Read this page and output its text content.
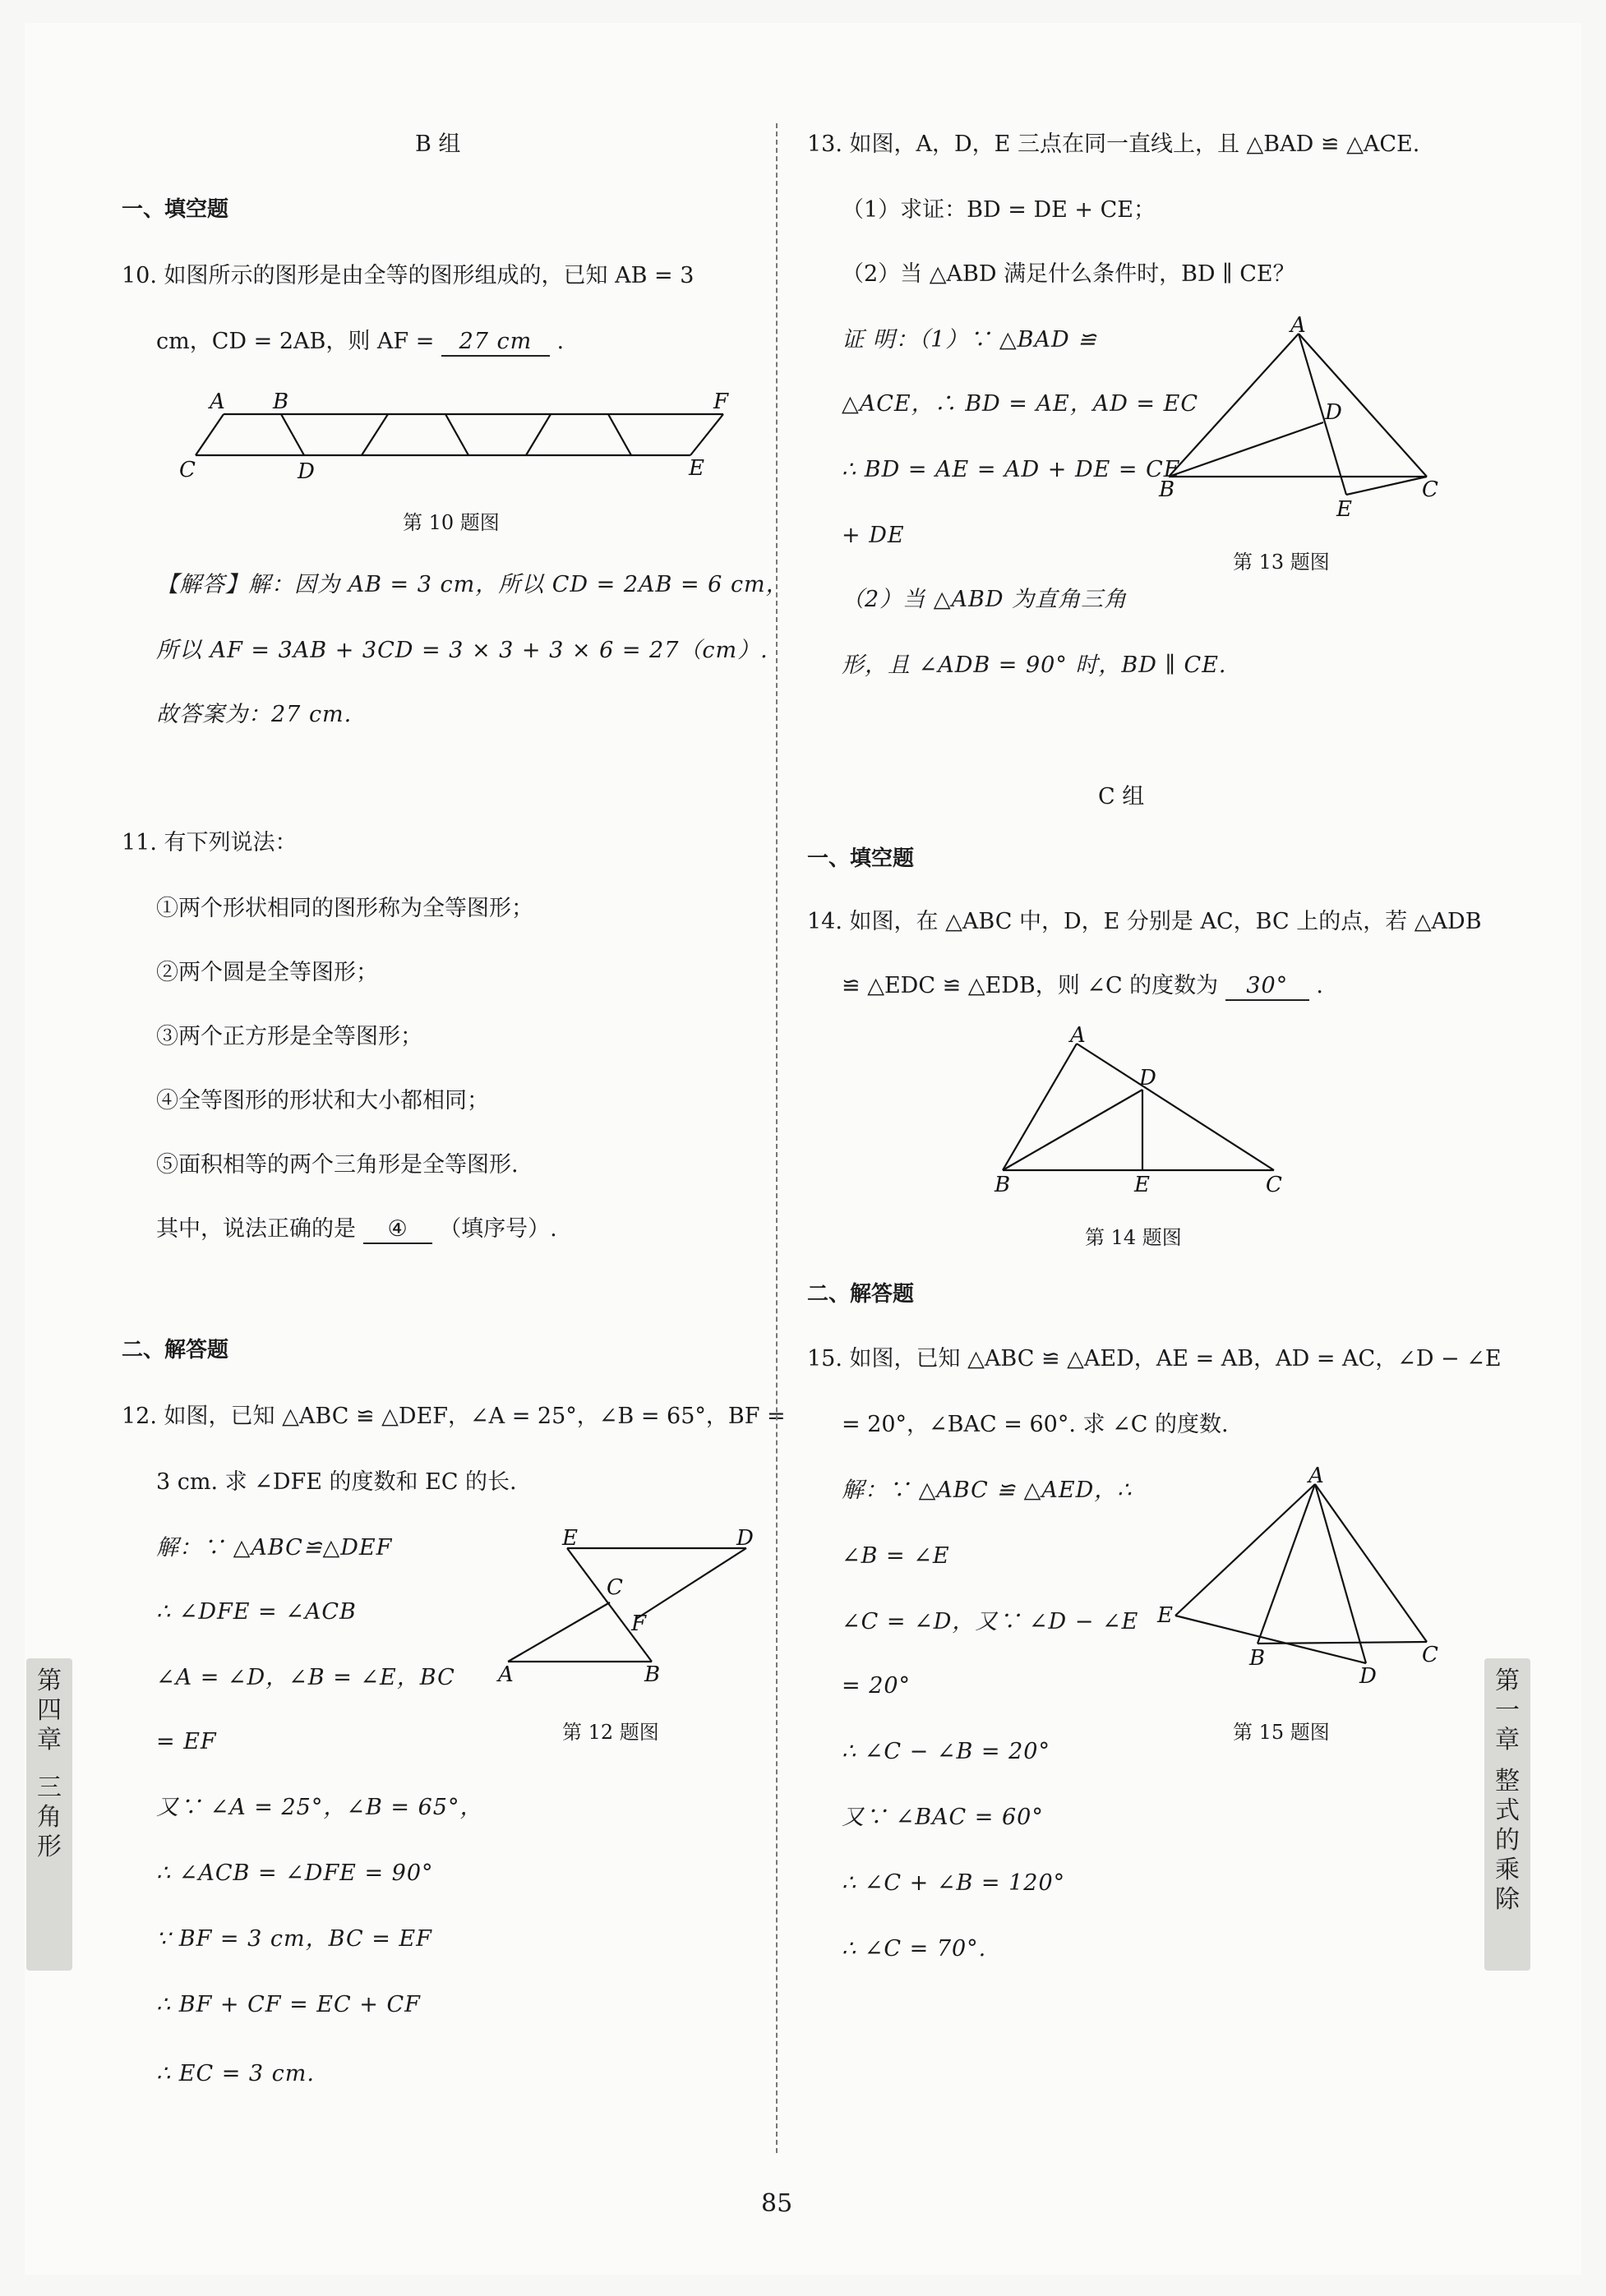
B 组
一、填空题
10. 如图所示的图形是由全等的图形组成的，已知 AB = 3
cm，CD = 2AB，则 AF = 27 cm .
A B	F
C	D	E
第 10 题图
【解答】解：因为 AB = 3 cm，所以 CD = 2AB = 6 cm，
所以 AF = 3AB + 3CD = 3 × 3 + 3 × 6 = 27（cm）.
故答案为：27 cm.
11. 有下列说法：
①两个形状相同的图形称为全等图形；
②两个圆是全等图形；
③两个正方形是全等图形；
④全等图形的形状和大小都相同；
⑤面积相等的两个三角形是全等图形.
其中，说法正确的是 ④ （填序号）.
二、解答题
12. 如图，已知 △ABC ≌ △DEF，∠A = 25°，∠B = 65°，BF =
3 cm. 求 ∠DFE 的度数和 EC 的长.
解：∵ △ABC≌△DEF
∴ ∠DFE = ∠ACB
∠A = ∠D，∠B = ∠E，BC
= EF
又∵ ∠A = 25°，∠B = 65°，
∴ ∠ACB = ∠DFE = 90°
∵ BF = 3 cm，BC = EF
∴ BF + CF = EC + CF
∴ EC = 3 cm.
E	D
C
F
A	B
第 12 题图
13. 如图，A，D，E 三点在同一直线上，且 △BAD ≌ △ACE.
（1）求证：BD = DE + CE；
（2）当 △ABD 满足什么条件时，BD ∥ CE？
证 明：（1）∵ △BAD ≌
△ACE，∴ BD = AE，AD = EC
∴ BD = AE = AD + DE = CE
+ DE
（2）当 △ABD 为直角三角
形，且 ∠ADB = 90° 时，BD ∥ CE.
A
D
B
E
C
第 13 题图
C 组
一、填空题
14. 如图，在 △ABC 中，D，E 分别是 AC，BC 上的点，若 △ADB
≌ △EDC ≌ △EDB，则 ∠C 的度数为 30° .
A
D
B	E	C
第 14 题图
二、解答题
15. 如图，已知 △ABC ≌ △AED，AE = AB，AD = AC，∠D − ∠E
= 20°，∠BAC = 60°. 求 ∠C 的度数.
解：∵ △ABC ≌ △AED，∴
∠B = ∠E
∠C = ∠D，又∵ ∠D − ∠E
= 20°
∴ ∠C − ∠B = 20°
又∵ ∠BAC = 60°
∴ ∠C + ∠B = 120°
∴ ∠C = 70°.
A
E
B
D
C
第 15 题图
第
四
章
三
角
形
第
一
章
整
式
的
乘
除
85
